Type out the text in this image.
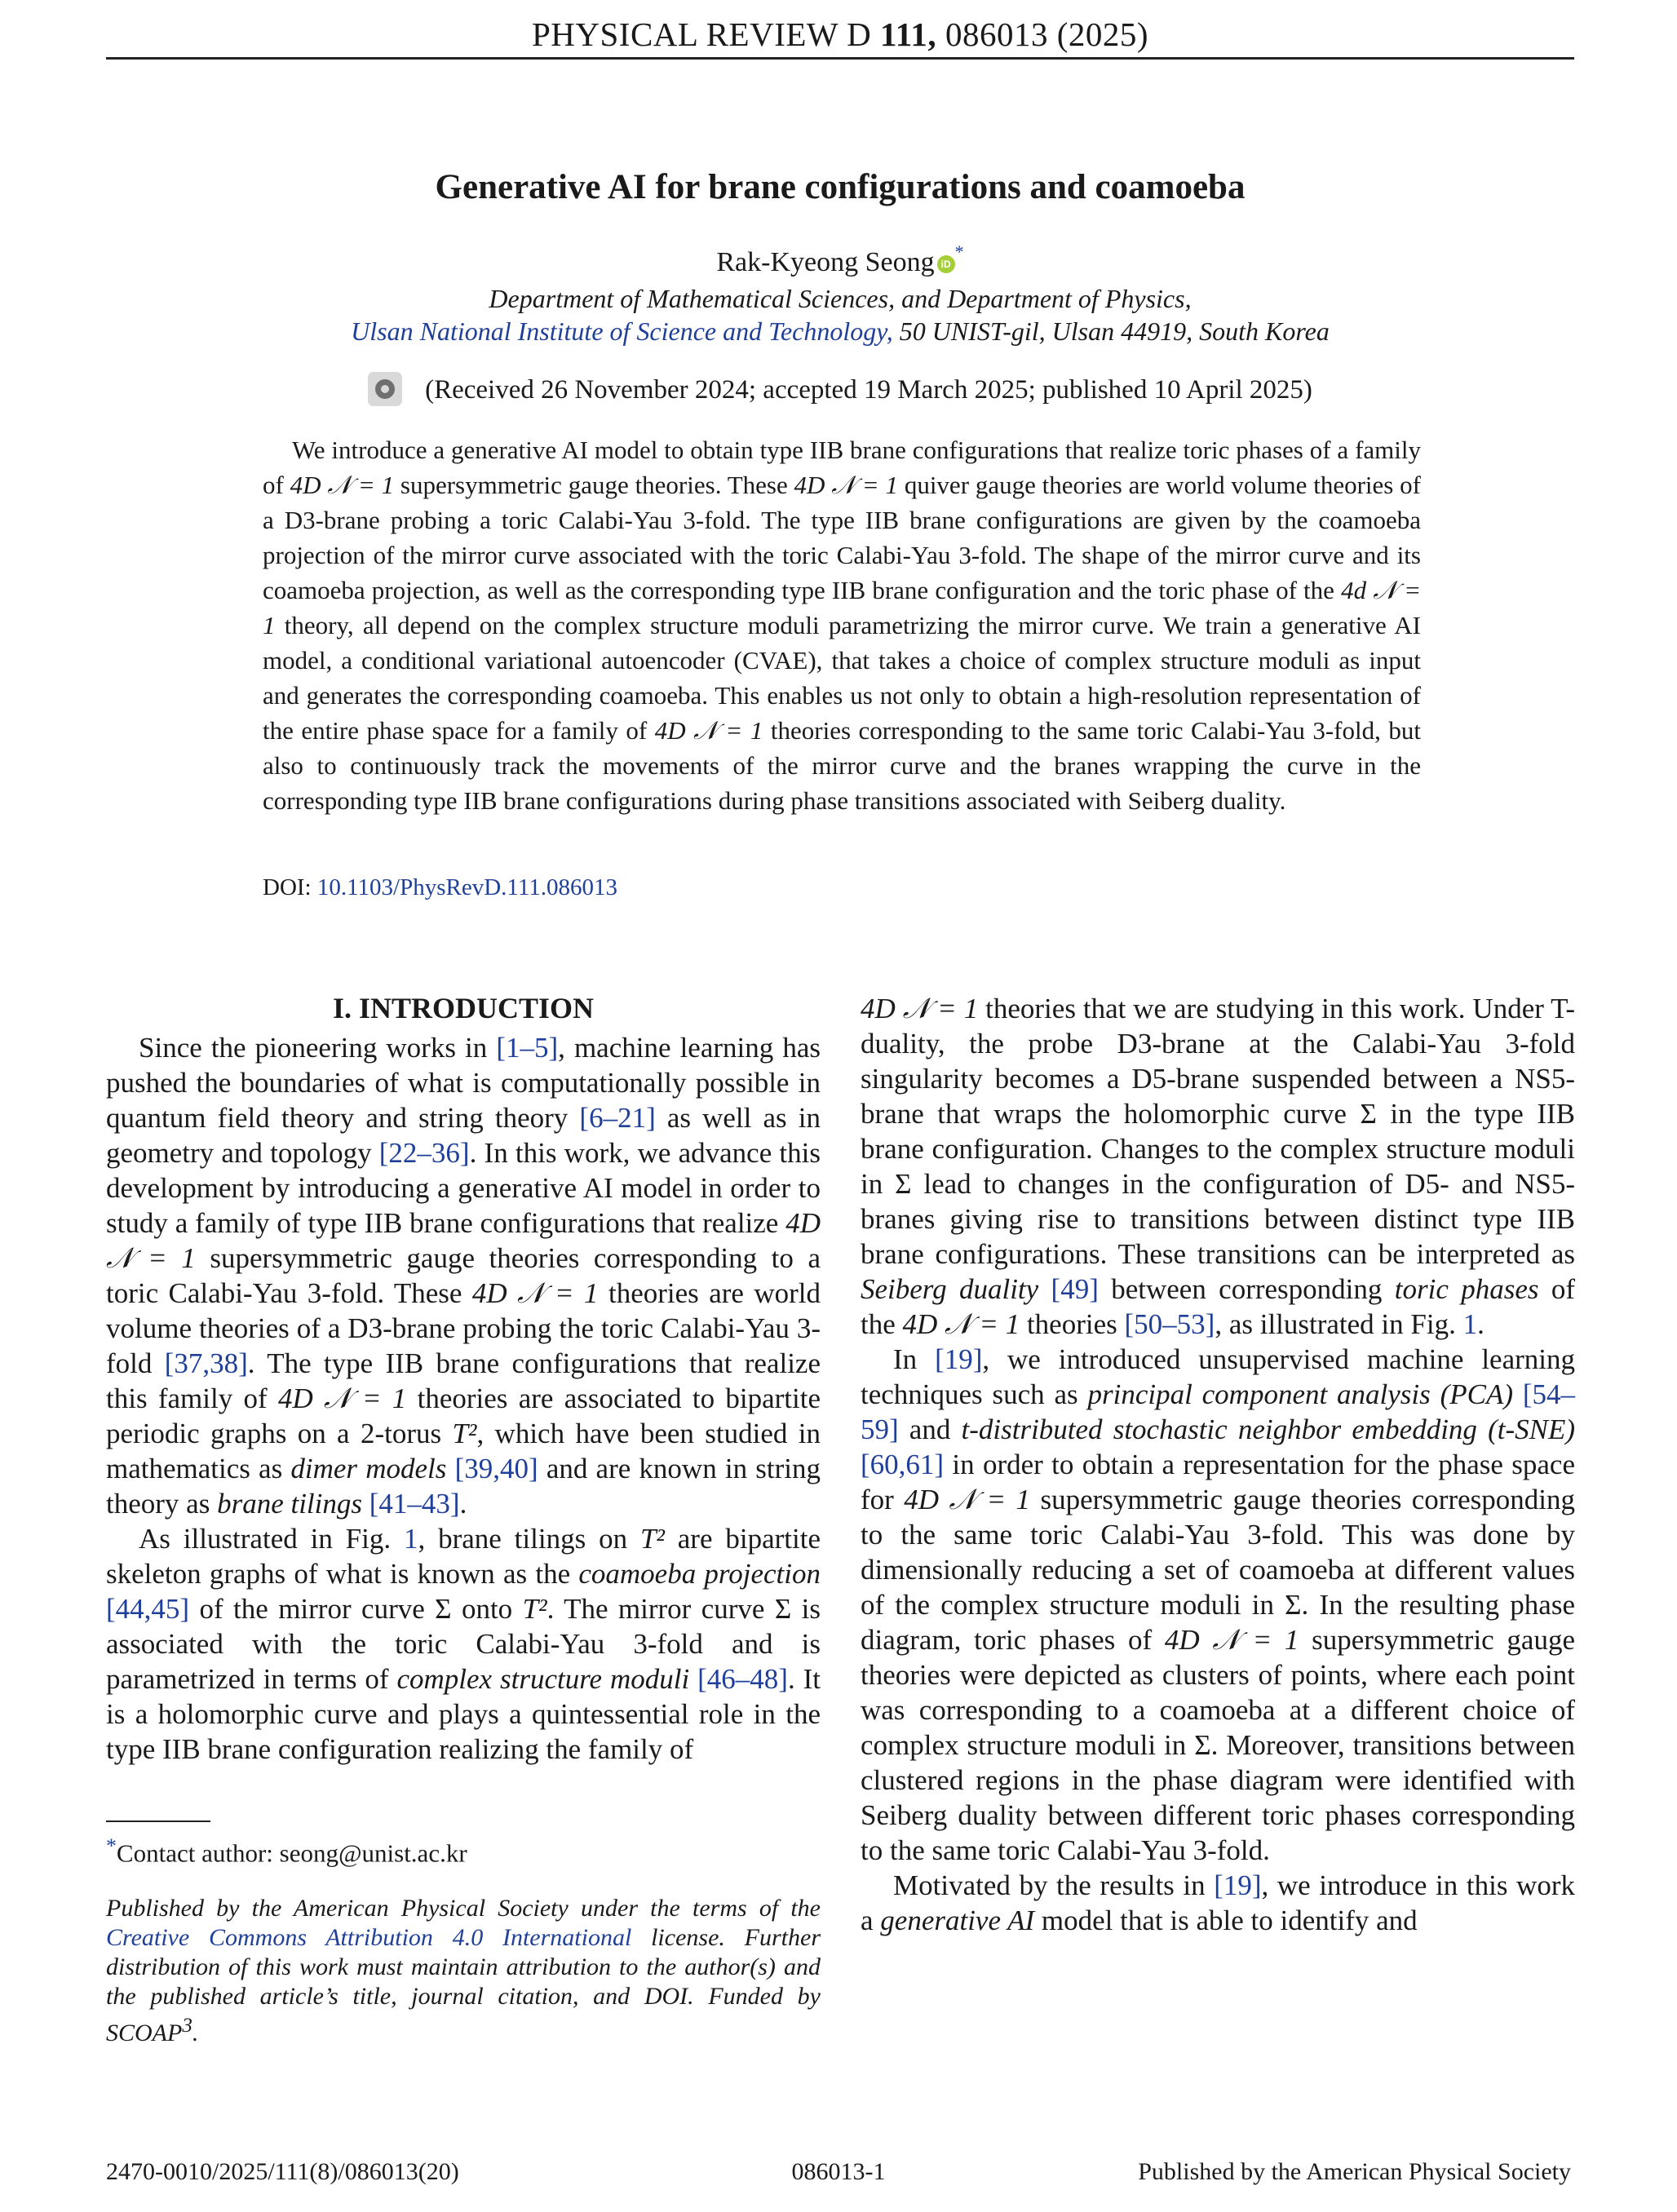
PHYSICAL REVIEW D 111, 086013 (2025)
Generative AI for brane configurations and coamoeba
Rak-Kyeong Seong iD*
Department of Mathematical Sciences, and Department of Physics,
Ulsan National Institute of Science and Technology, 50 UNIST-gil, Ulsan 44919, South Korea
(Received 26 November 2024; accepted 19 March 2025; published 10 April 2025)

We introduce a generative AI model to obtain type IIB brane configurations that realize toric phases of a family of 4D 𝒩 = 1 supersymmetric gauge theories. These 4D 𝒩 = 1 quiver gauge theories are world volume theories of a D3-brane probing a toric Calabi-Yau 3-fold. The type IIB brane configurations are given by the coamoeba projection of the mirror curve associated with the toric Calabi-Yau 3-fold. The shape of the mirror curve and its coamoeba projection, as well as the corresponding type IIB brane configuration and the toric phase of the 4d 𝒩 = 1 theory, all depend on the complex structure moduli parametrizing the mirror curve. We train a generative AI model, a conditional variational autoencoder (CVAE), that takes a choice of complex structure moduli as input and generates the corresponding coamoeba. This enables us not only to obtain a high-resolution representation of the entire phase space for a family of 4D 𝒩 = 1 theories corresponding to the same toric Calabi-Yau 3-fold, but also to continuously track the movements of the mirror curve and the branes wrapping the curve in the corresponding type IIB brane configurations during phase transitions associated with Seiberg duality.

DOI: 10.1103/PhysRevD.111.086013

I. INTRODUCTION

Since the pioneering works in [1–5], machine learning has pushed the boundaries of what is computationally possible in quantum field theory and string theory [6–21] as well as in geometry and topology [22–36]. In this work, we advance this development by introducing a generative AI model in order to study a family of type IIB brane configurations that realize 4D 𝒩 = 1 supersymmetric gauge theories corresponding to a toric Calabi-Yau 3-fold. These 4D 𝒩 = 1 theories are world volume theories of a D3-brane probing the toric Calabi-Yau 3-fold [37,38]. The type IIB brane configurations that realize this family of 4D 𝒩 = 1 theories are associated to bipartite periodic graphs on a 2-torus T², which have been studied in mathematics as dimer models [39,40] and are known in string theory as brane tilings [41–43].

As illustrated in Fig. 1, brane tilings on T² are bipartite skeleton graphs of what is known as the coamoeba projection [44,45] of the mirror curve Σ onto T². The mirror curve Σ is associated with the toric Calabi-Yau 3-fold and is parametrized in terms of complex structure moduli [46–48]. It is a holomorphic curve and plays a quintessential role in the type IIB brane configuration realizing the family of

4D 𝒩 = 1 theories that we are studying in this work. Under T-duality, the probe D3-brane at the Calabi-Yau 3-fold singularity becomes a D5-brane suspended between a NS5-brane that wraps the holomorphic curve Σ in the type IIB brane configuration. Changes to the complex structure moduli in Σ lead to changes in the configuration of D5- and NS5-branes giving rise to transitions between distinct type IIB brane configurations. These transitions can be interpreted as Seiberg duality [49] between corresponding toric phases of the 4D 𝒩 = 1 theories [50–53], as illustrated in Fig. 1.

In [19], we introduced unsupervised machine learning techniques such as principal component analysis (PCA) [54–59] and t-distributed stochastic neighbor embedding (t-SNE) [60,61] in order to obtain a representation for the phase space for 4D 𝒩 = 1 supersymmetric gauge theories corresponding to the same toric Calabi-Yau 3-fold. This was done by dimensionally reducing a set of coamoeba at different values of the complex structure moduli in Σ. In the resulting phase diagram, toric phases of 4D 𝒩 = 1 supersymmetric gauge theories were depicted as clusters of points, where each point was corresponding to a coamoeba at a different choice of complex structure moduli in Σ. Moreover, transitions between clustered regions in the phase diagram were identified with Seiberg duality between different toric phases corresponding to the same toric Calabi-Yau 3-fold.

Motivated by the results in [19], we introduce in this work a generative AI model that is able to identify and

*Contact author: seong@unist.ac.kr
Published by the American Physical Society under the terms of the Creative Commons Attribution 4.0 International license. Further distribution of this work must maintain attribution to the author(s) and the published article’s title, journal citation, and DOI. Funded by SCOAP$^3$.
2470-0010/2025/111(8)/086013(20)	086013-1	Published by the American Physical Society
